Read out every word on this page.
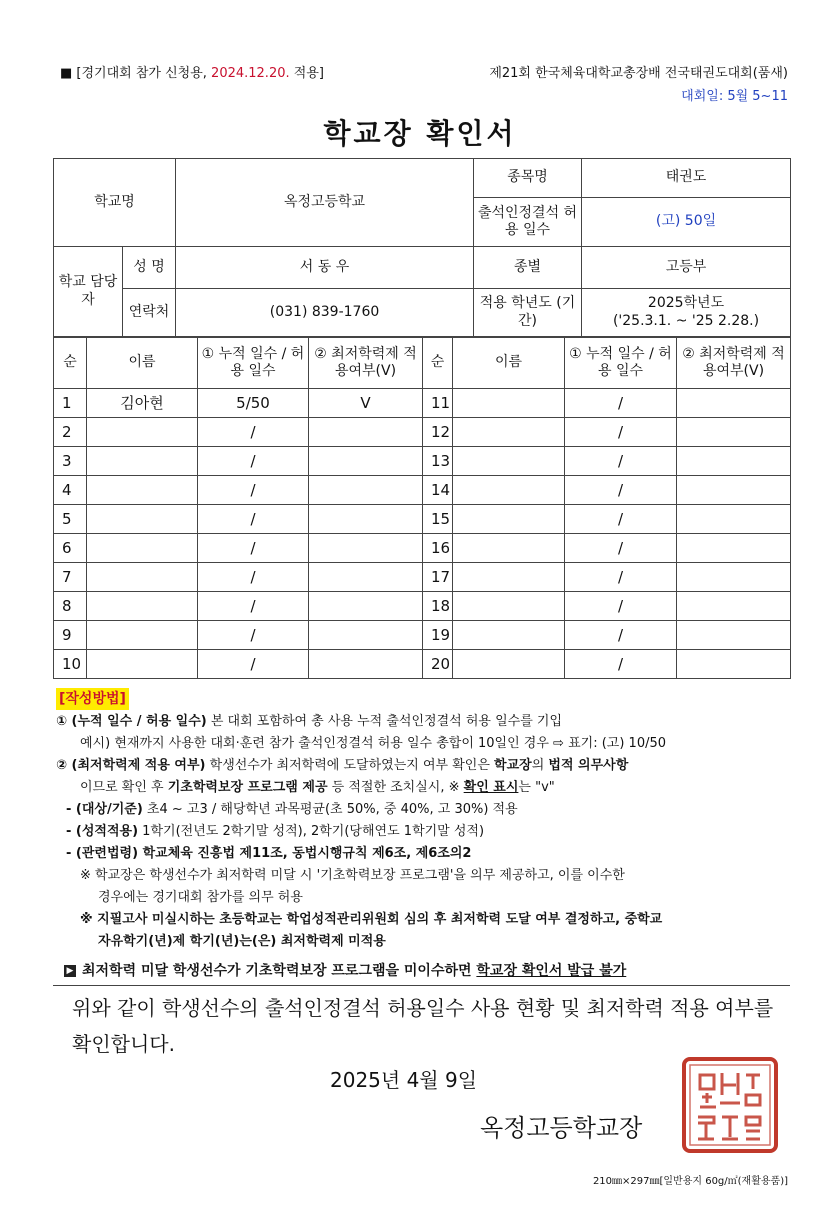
■ [경기대회 참가 신청용, 2024.12.20. 적용]	제21회 한국체육대학교총장배 전국태권도대회(품새)
대회일: 5월 5~11
학교장 확인서
학교명		옥정고등학교	종목명	태권도
			출석인정결석 허용 일수	(고) 50일
학교 담당자	성 명	서 동 우	종별	고등부
	연락처	(031) 839-1760	적용 학년도 (기간)	2025학년도
('25.3.1. ~ '25 2.28.)
순	이름	① 누적 일수 / 허용 일수	② 최저학력제 적용여부(V)	순	이름	① 누적 일수 / 허용 일수	② 최저학력제 적용여부(V)
1	김아현	5/50	V	11		/	
2		/		12		/	
3		/		13		/	
4		/		14		/	
5		/		15		/	
6		/		16		/	
7		/		17		/	
8		/		18		/	
9		/		19		/	
10		/		20		/	
[작성방법]
① (누적 일수 / 허용 일수) 본 대회 포함하여 총 사용 누적 출석인정결석 허용 일수를 기입
예시) 현재까지 사용한 대회·훈련 참가 출석인정결석 허용 일수 총합이 10일인 경우 ⇨ 표기: (고) 10/50
② (최저학력제 적용 여부) 학생선수가 최저학력에 도달하였는지 여부 확인은 학교장의 법적 의무사항
이므로 확인 후 기초학력보장 프로그램 제공 등 적절한 조치실시, ※ 확인 표시는 "v"
- (대상/기준) 초4 ~ 고3 / 해당학년 과목평균(초 50%, 중 40%, 고 30%) 적용
- (성적적용) 1학기(전년도 2학기말 성적), 2학기(당해연도 1학기말 성적)
- (관련법령) 학교체육 진흥법 제11조, 동법시행규칙 제6조, 제6조의2
※ 학교장은 학생선수가 최저학력 미달 시 '기초학력보장 프로그램'을 의무 제공하고, 이를 이수한
경우에는 경기대회 참가를 의무 허용
※ 지필고사 미실시하는 초등학교는 학업성적관리위원회 심의 후 최저학력 도달 여부 결정하고, 중학교
자유학기(년)제 학기(년)는(은) 최저학력제 미적용
▶ 최저학력 미달 학생선수가 기초학력보장 프로그램을 미이수하면 학교장 확인서 발급 불가
위와 같이 학생선수의 출석인정결석 허용일수 사용 현황 및 최저학력 적용 여부를 확인합니다.
2025년 4월 9일
옥정고등학교장
210㎜×297㎜[일반용지 60g/㎡(재활용품)]
